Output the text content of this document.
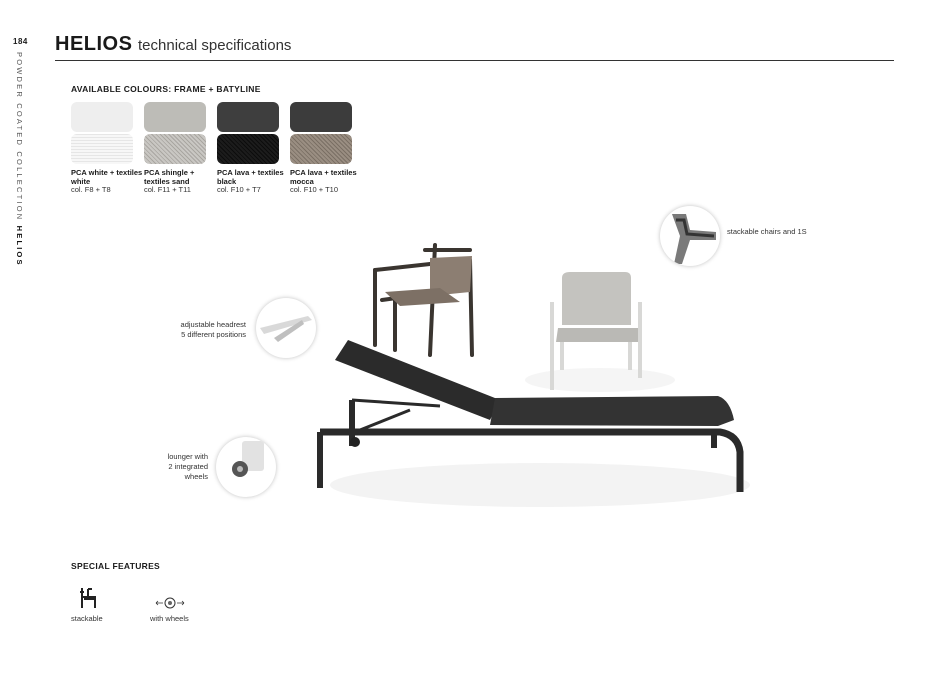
184
POWDER COATED COLLECTION HELIOS
HELIOS technical specifications
AVAILABLE COLOURS: FRAME + BATYLINE
PCA white + textiles white
col. F8 + T8
PCA shingle + textiles sand
col. F11 + T11
PCA lava + textiles black
col. F10 + T7
PCA lava + textiles mocca
col. F10 + T10
stackable chairs and 1S
adjustable headrest
5 different positions
lounger with
2 integrated
wheels
SPECIAL FEATURES
stackable	with wheels
